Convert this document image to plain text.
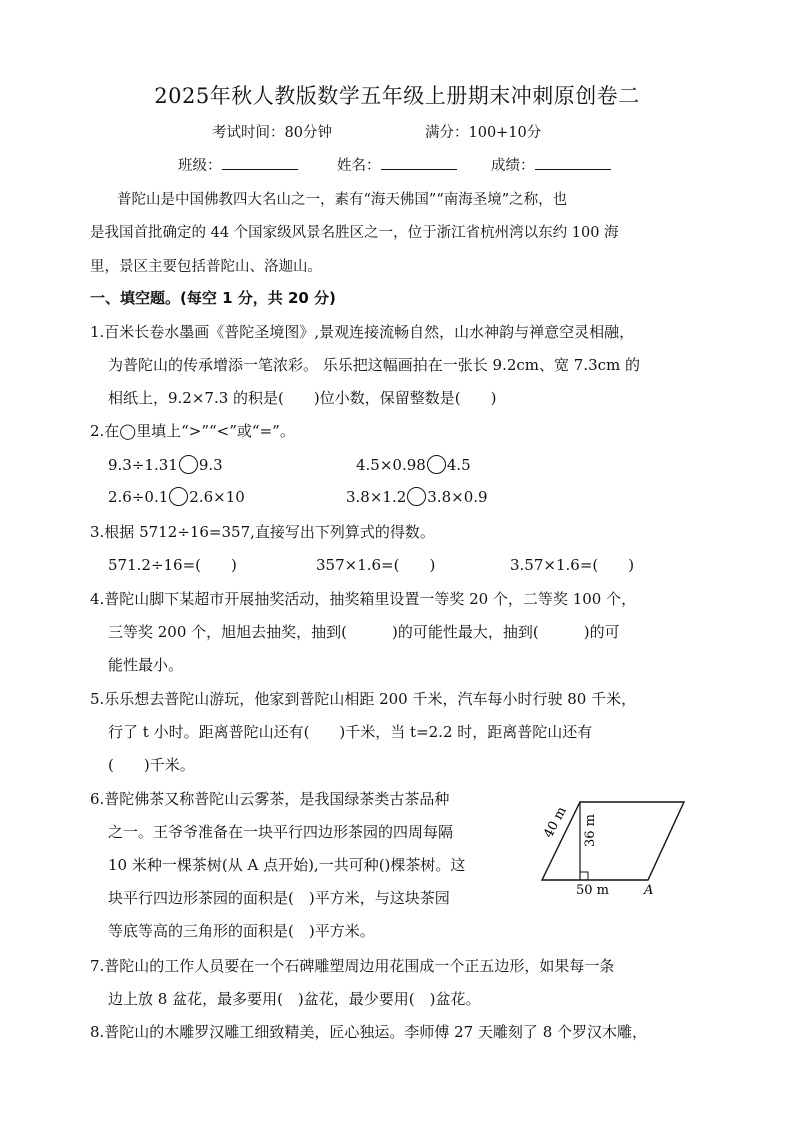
2025年秋人教版数学五年级上册期末冲刺原创卷二
考试时间：80分钟	满分：100+10分
班级：	姓名：	成绩：
普陀山是中国佛教四大名山之一，素有“海天佛国”“南海圣境”之称，也
是我国首批确定的 44 个国家级风景名胜区之一，位于浙江省杭州湾以东约 100 海
里，景区主要包括普陀山、洛迦山。
一、填空题。(每空 1 分，共 20 分)
1.百米长卷水墨画《普陀圣境图》,景观连接流畅自然，山水神韵与禅意空灵相融，
为普陀山的传承增添一笔浓彩。 乐乐把这幅画拍在一张长 9.2cm、宽 7.3cm 的
相纸上，9.2×7.3 的积是(　　)位小数，保留整数是(　　)
2.在◯里填上“>”“<”或“=”。
9.3÷1.31 9.3	4.5×0.98 4.5
2.6÷0.1 2.6×10	3.8×1.2 3.8×0.9
3.根据 5712÷16=357,直接写出下列算式的得数。
571.2÷16=(　　)	357×1.6=(　　)	3.57×1.6=(　　)
4.普陀山脚下某超市开展抽奖活动，抽奖箱里设置一等奖 20 个，二等奖 100 个，
三等奖 200 个，旭旭去抽奖，抽到(　　　)的可能性最大，抽到(　　　)的可
能性最小。
5.乐乐想去普陀山游玩，他家到普陀山相距 200 千米，汽车每小时行驶 80 千米，
行了 t 小时。距离普陀山还有(　　)千米，当 t=2.2 时，距离普陀山还有
(　　)千米。
6.普陀佛茶又称普陀山云雾茶，是我国绿茶类古茶品种
之一。王爷爷准备在一块平行四边形茶园的四周每隔
10 米种一棵茶树(从 A 点开始),一共可种()棵茶树。这
块平行四边形茶园的面积是(　)平方米，与这块茶园
等底等高的三角形的面积是(　)平方米。
40 m 36 m
50 m	A
7.普陀山的工作人员要在一个石碑雕塑周边用花围成一个正五边形，如果每一条
边上放 8 盆花，最多要用(　)盆花，最少要用(　)盆花。
8.普陀山的木雕罗汉雕工细致精美，匠心独运。李师傅 27 天雕刻了 8 个罗汉木雕，
